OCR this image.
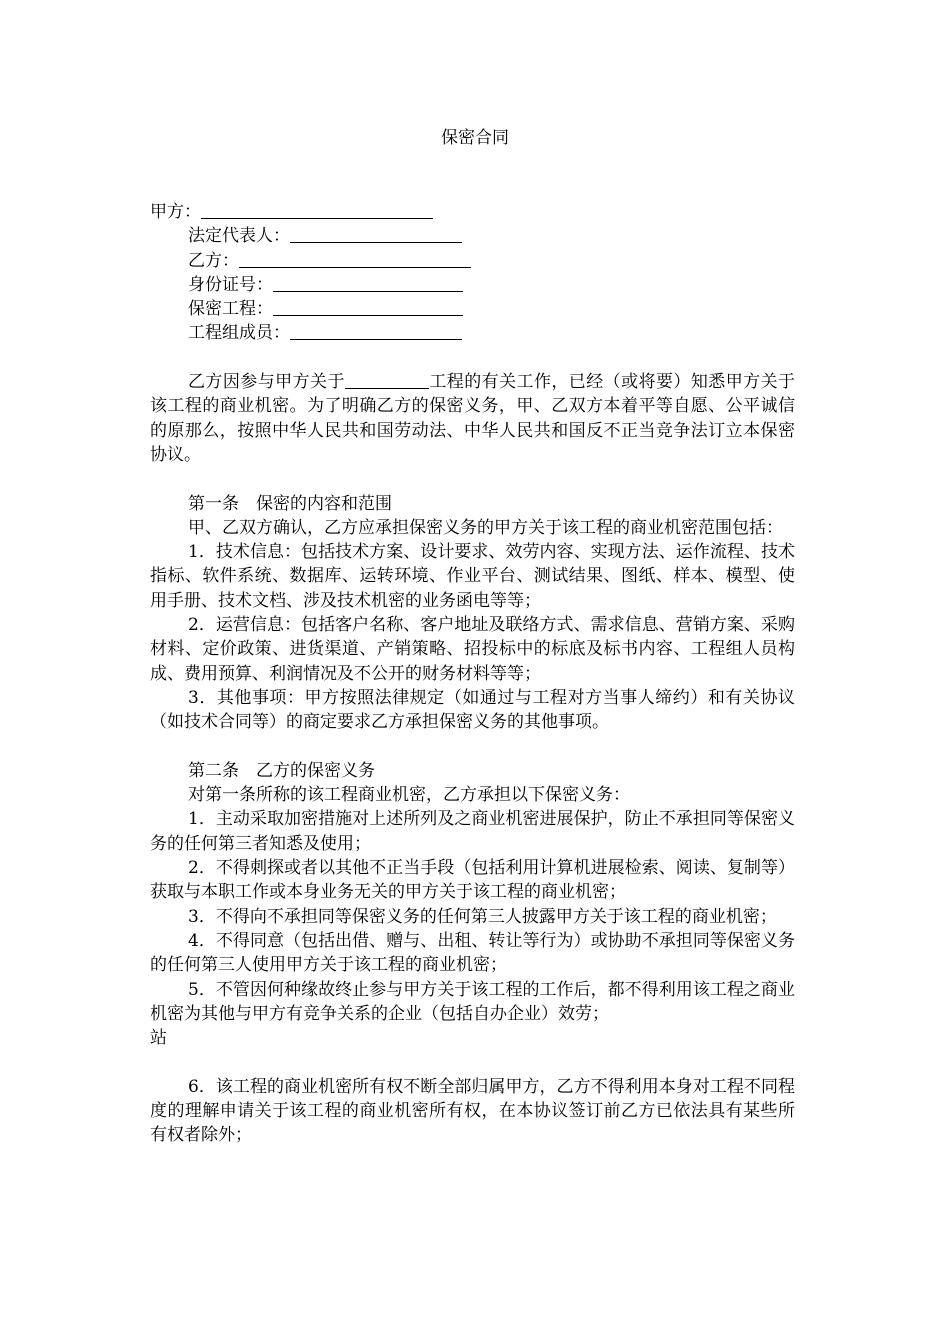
保密合同
甲方：
法定代表人：
乙方：
身份证号：
保密工程：
工程组成员：
乙方因参与甲方关于	工程的有关工作，已经（或将要）知悉甲方关于该工程的商业机密。为了明确乙方的保密义务，甲、乙双方本着平等自愿、公平诚信的原那么，按照中华人民共和国劳动法、中华人民共和国反不正当竞争法订立本保密协议。
第一条 保密的内容和范围
甲、乙双方确认，乙方应承担保密义务的甲方关于该工程的商业机密范围包括：
1．技术信息：包括技术方案、设计要求、效劳内容、实现方法、运作流程、技术指标、软件系统、数据库、运转环境、作业平台、测试结果、图纸、样本、模型、使用手册、技术文档、涉及技术机密的业务函电等等；
2．运营信息：包括客户名称、客户地址及联络方式、需求信息、营销方案、采购材料、定价政策、进货渠道、产销策略、招投标中的标底及标书内容、工程组人员构成、费用预算、利润情况及不公开的财务材料等等；
3．其他事项：甲方按照法律规定（如通过与工程对方当事人缔约）和有关协议（如技术合同等）的商定要求乙方承担保密义务的其他事项。
第二条 乙方的保密义务
对第一条所称的该工程商业机密，乙方承担以下保密义务：
1．主动采取加密措施对上述所列及之商业机密进展保护，防止不承担同等保密义务的任何第三者知悉及使用；
2．不得刺探或者以其他不正当手段（包括利用计算机进展检索、阅读、复制等）获取与本职工作或本身业务无关的甲方关于该工程的商业机密；
3．不得向不承担同等保密义务的任何第三人披露甲方关于该工程的商业机密；
4．不得同意（包括出借、赠与、出租、转让等行为）或协助不承担同等保密义务的任何第三人使用甲方关于该工程的商业机密；
5．不管因何种缘故终止参与甲方关于该工程的工作后，都不得利用该工程之商业机密为其他与甲方有竞争关系的企业（包括自办企业）效劳；
站
6．该工程的商业机密所有权不断全部归属甲方，乙方不得利用本身对工程不同程度的理解申请关于该工程的商业机密所有权，在本协议签订前乙方已依法具有某些所有权者除外；
